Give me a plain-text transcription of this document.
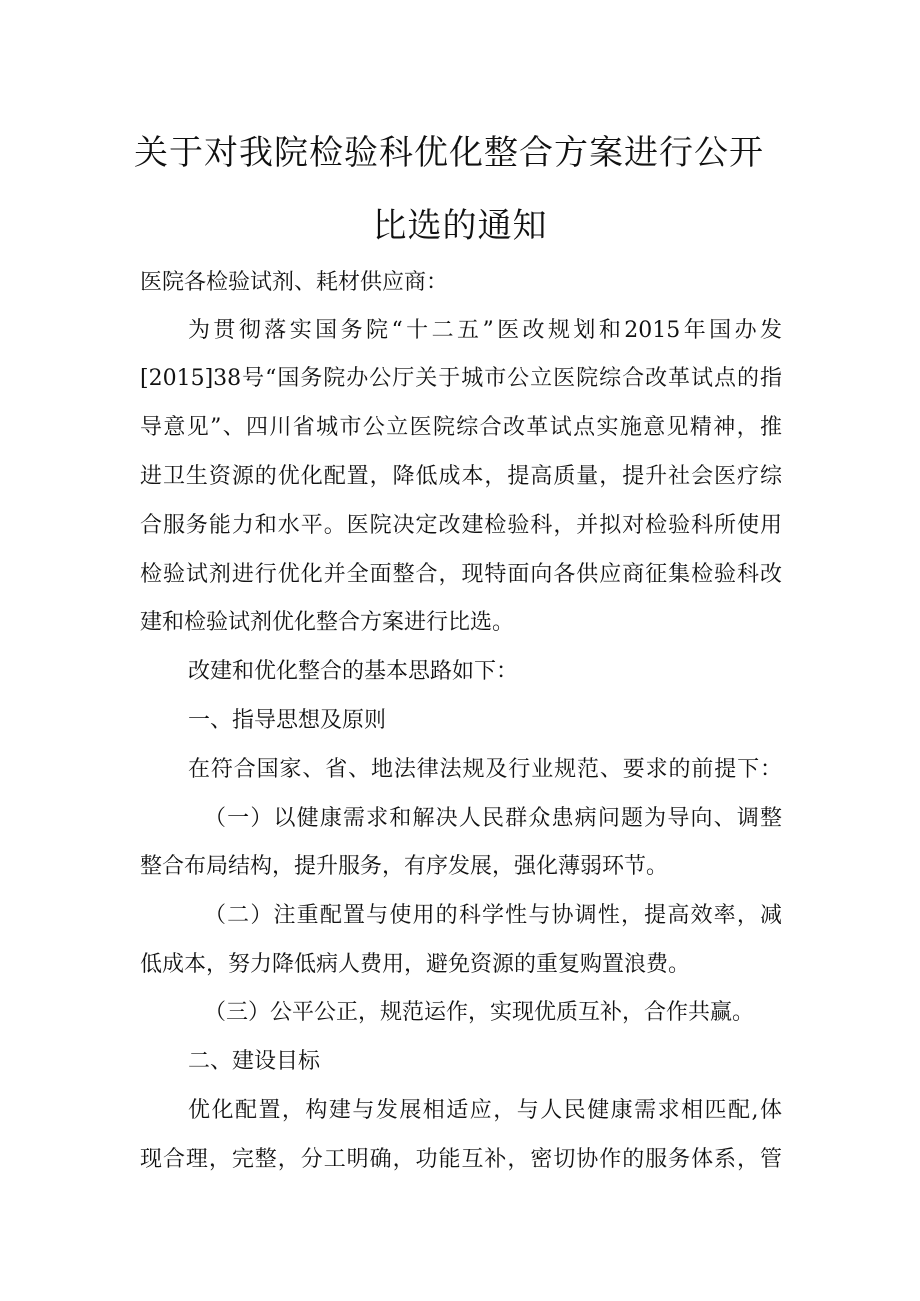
关于对我院检验科优化整合方案进行公开
比选的通知

医院各检验试剂、耗材供应商：

为贯彻落实国务院“十二五”医改规划和2015年国办发

[2015]38号“国务院办公厅关于城市公立医院综合改革试点的指

导意见”、四川省城市公立医院综合改革试点实施意见精神，推

进卫生资源的优化配置，降低成本，提高质量，提升社会医疗综

合服务能力和水平。医院决定改建检验科，并拟对检验科所使用

检验试剂进行优化并全面整合，现特面向各供应商征集检验科改

建和检验试剂优化整合方案进行比选。

改建和优化整合的基本思路如下：

一、指导思想及原则

在符合国家、省、地法律法规及行业规范、要求的前提下：

（一）以健康需求和解决人民群众患病问题为导向、调整

整合布局结构，提升服务，有序发展，强化薄弱环节。

（二）注重配置与使用的科学性与协调性，提高效率，减

低成本，努力降低病人费用，避免资源的重复购置浪费。

（三）公平公正，规范运作，实现优质互补，合作共赢。

二、建设目标

优化配置，构建与发展相适应，与人民健康需求相匹配,体

现合理，完整，分工明确，功能互补，密切协作的服务体系，管
